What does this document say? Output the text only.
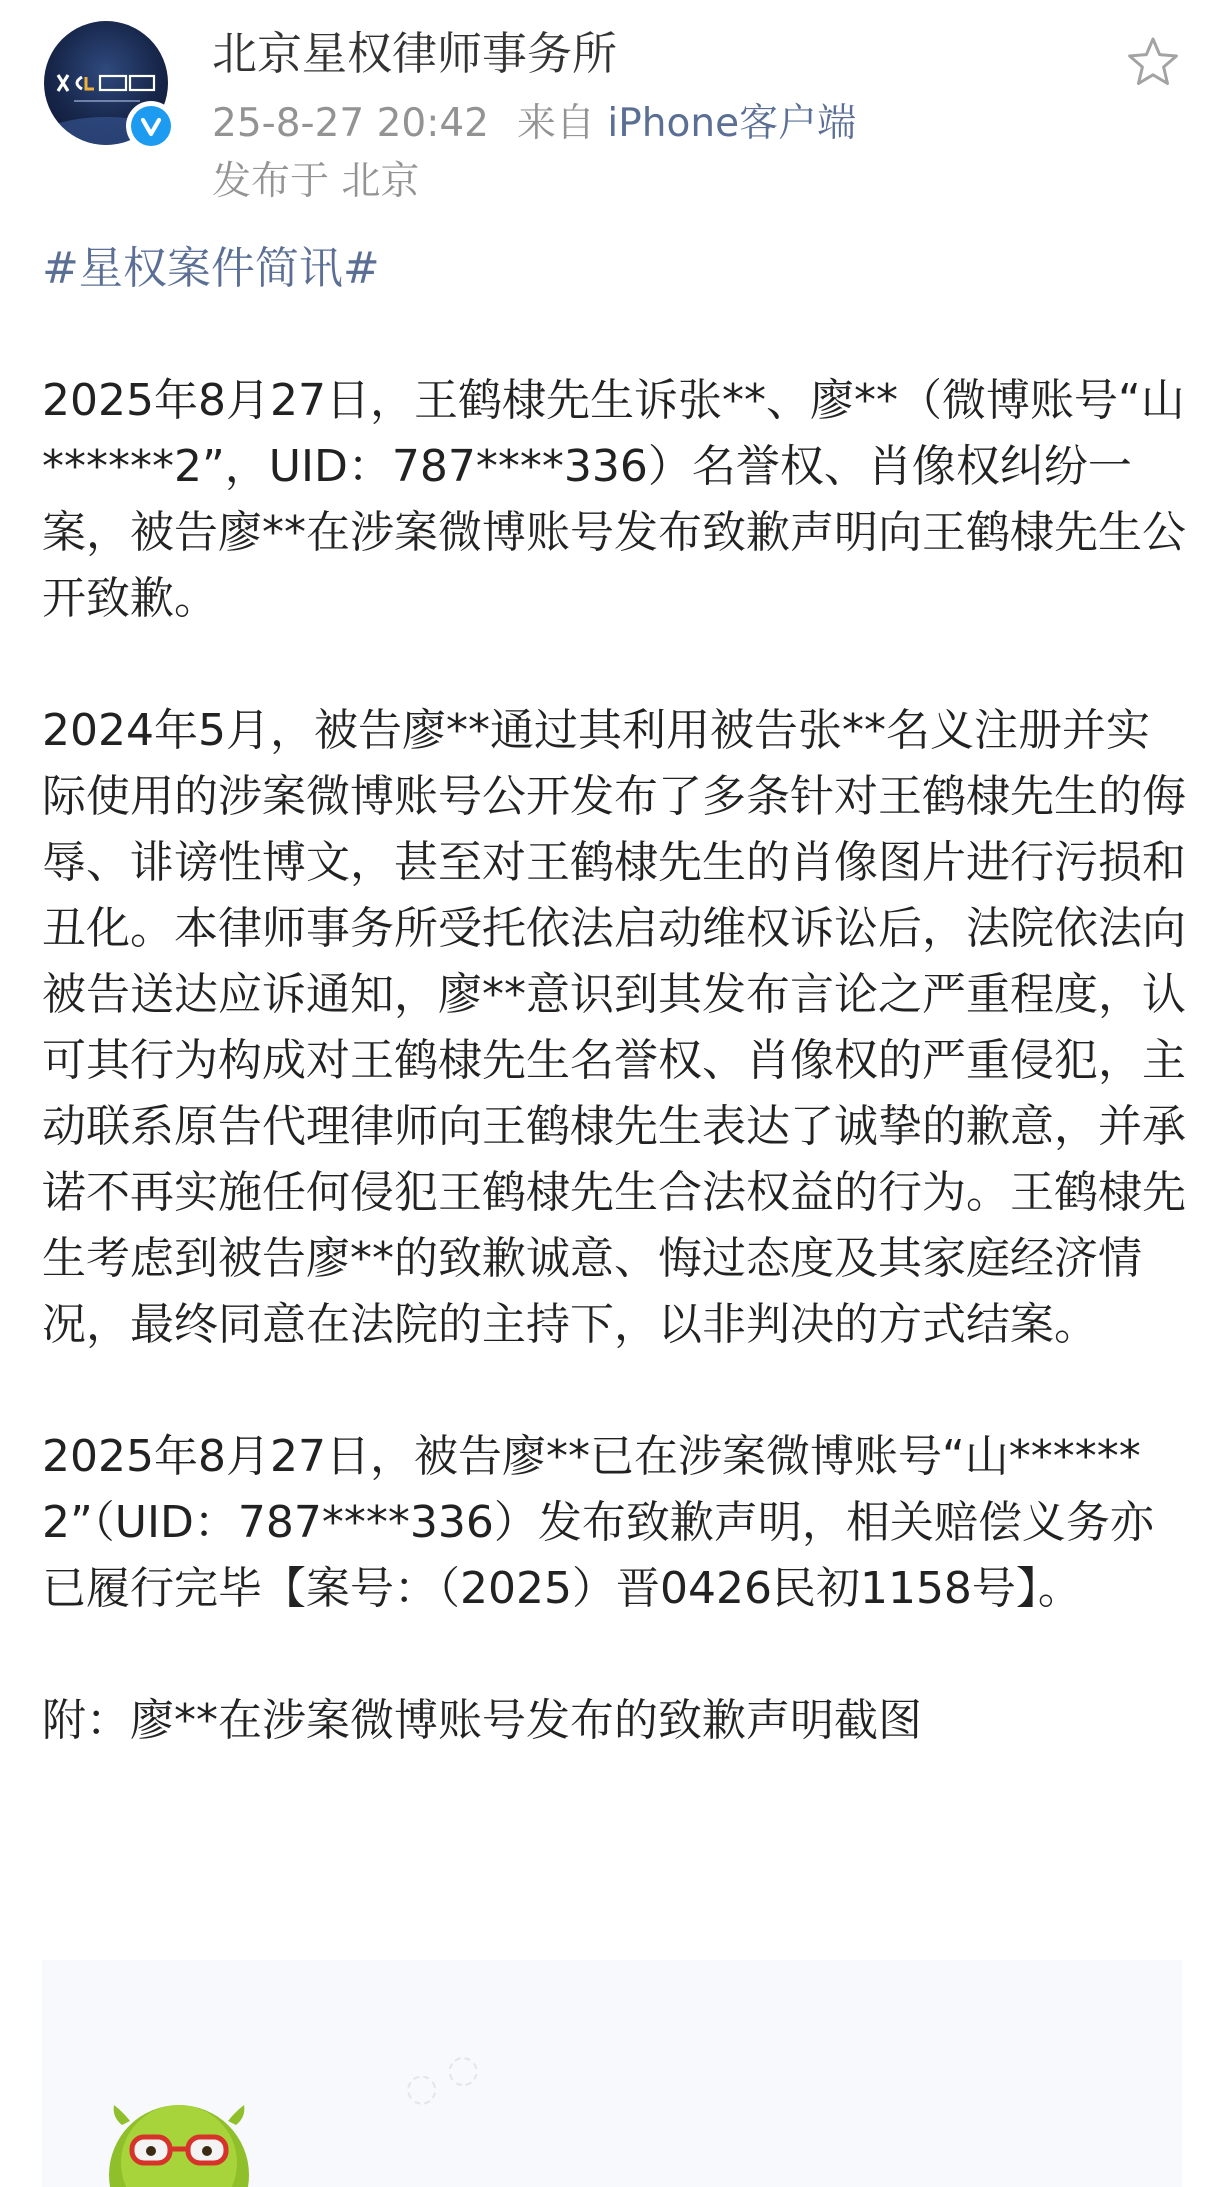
北京星权律师事务所
25-8-27 20:42 来自 iPhone客户端
发布于 北京

#星权案件简讯#

2025年8月27日，王鹤棣先生诉张**、廖**（微博账号“山******2”，UID：787****336）名誉权、肖像权纠纷一案，被告廖**在涉案微博账号发布致歉声明向王鹤棣先生公开致歉。

2024年5月，被告廖**通过其利用被告张**名义注册并实际使用的涉案微博账号公开发布了多条针对王鹤棣先生的侮辱、诽谤性博文，甚至对王鹤棣先生的肖像图片进行污损和丑化。本律师事务所受托依法启动维权诉讼后，法院依法向被告送达应诉通知，廖**意识到其发布言论之严重程度，认可其行为构成对王鹤棣先生名誉权、肖像权的严重侵犯，主动联系原告代理律师向王鹤棣先生表达了诚挚的歉意，并承诺不再实施任何侵犯王鹤棣先生合法权益的行为。王鹤棣先生考虑到被告廖**的致歉诚意、悔过态度及其家庭经济情况，最终同意在法院的主持下，以非判决的方式结案。

2025年8月27日，被告廖**已在涉案微博账号“山******2”（UID：787****336）发布致歉声明，相关赔偿义务亦已履行完毕【案号：（2025）晋0426民初1158号】。

附：廖**在涉案微博账号发布的致歉声明截图

◌ ◌
